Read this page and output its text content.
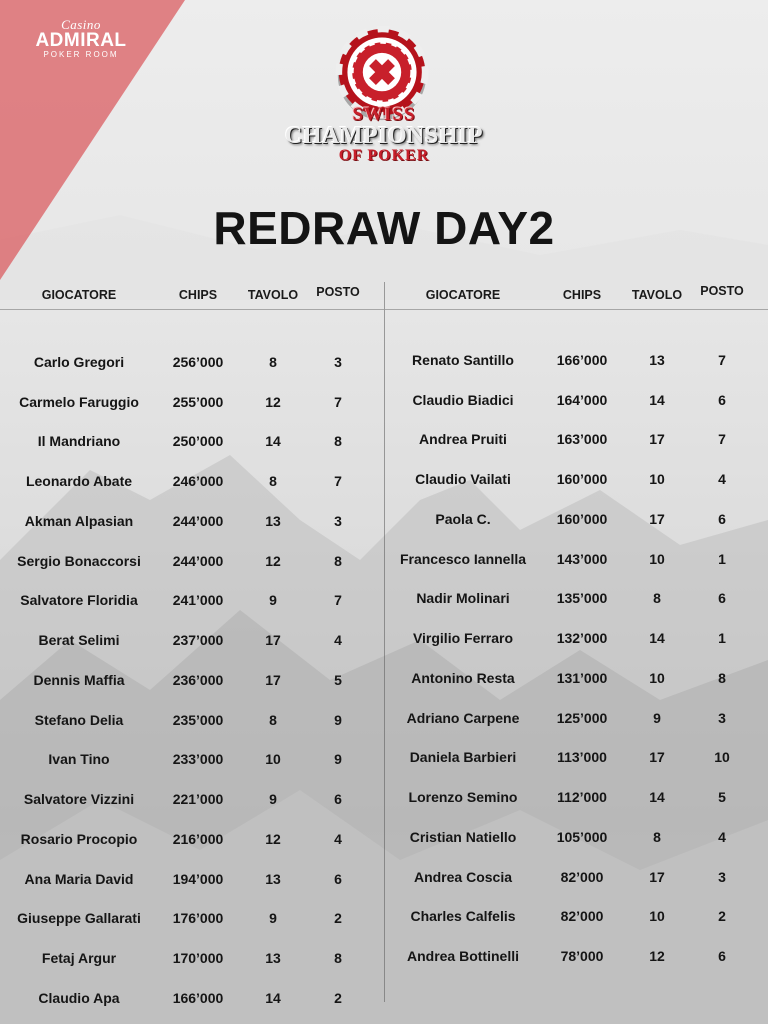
Casino
ADMIRAL
POKER ROOM
SWISS
CHAMPIONSHIP
OF POKER
REDRAW DAY2
GIOCATORE	CHIPS	TAVOLO	POSTO
Carlo Gregori	256’000	8	3
Carmelo Faruggio	255’000	12	7
Il Mandriano	250’000	14	8
Leonardo Abate	246’000	8	7
Akman Alpasian	244’000	13	3
Sergio Bonaccorsi	244’000	12	8
Salvatore Floridia	241’000	9	7
Berat Selimi	237’000	17	4
Dennis Maffia	236’000	17	5
Stefano Delia	235’000	8	9
Ivan Tino	233’000	10	9
Salvatore Vizzini	221’000	9	6
Rosario Procopio	216’000	12	4
Ana Maria David	194’000	13	6
Giuseppe Gallarati	176’000	9	2
Fetaj Argur	170’000	13	8
Claudio Apa	166’000	14	2
GIOCATORE	CHIPS	TAVOLO	POSTO
Renato Santillo	166’000	13	7
Claudio Biadici	164’000	14	6
Andrea Pruiti	163’000	17	7
Claudio Vailati	160’000	10	4
Paola C.	160’000	17	6
Francesco Iannella	143’000	10	1
Nadir Molinari	135’000	8	6
Virgilio Ferraro	132’000	14	1
Antonino Resta	131’000	10	8
Adriano Carpene	125’000	9	3
Daniela Barbieri	113’000	17	10
Lorenzo Semino	112’000	14	5
Cristian Natiello	105’000	8	4
Andrea Coscia	82’000	17	3
Charles Calfelis	82’000	10	2
Andrea Bottinelli	78’000	12	6
